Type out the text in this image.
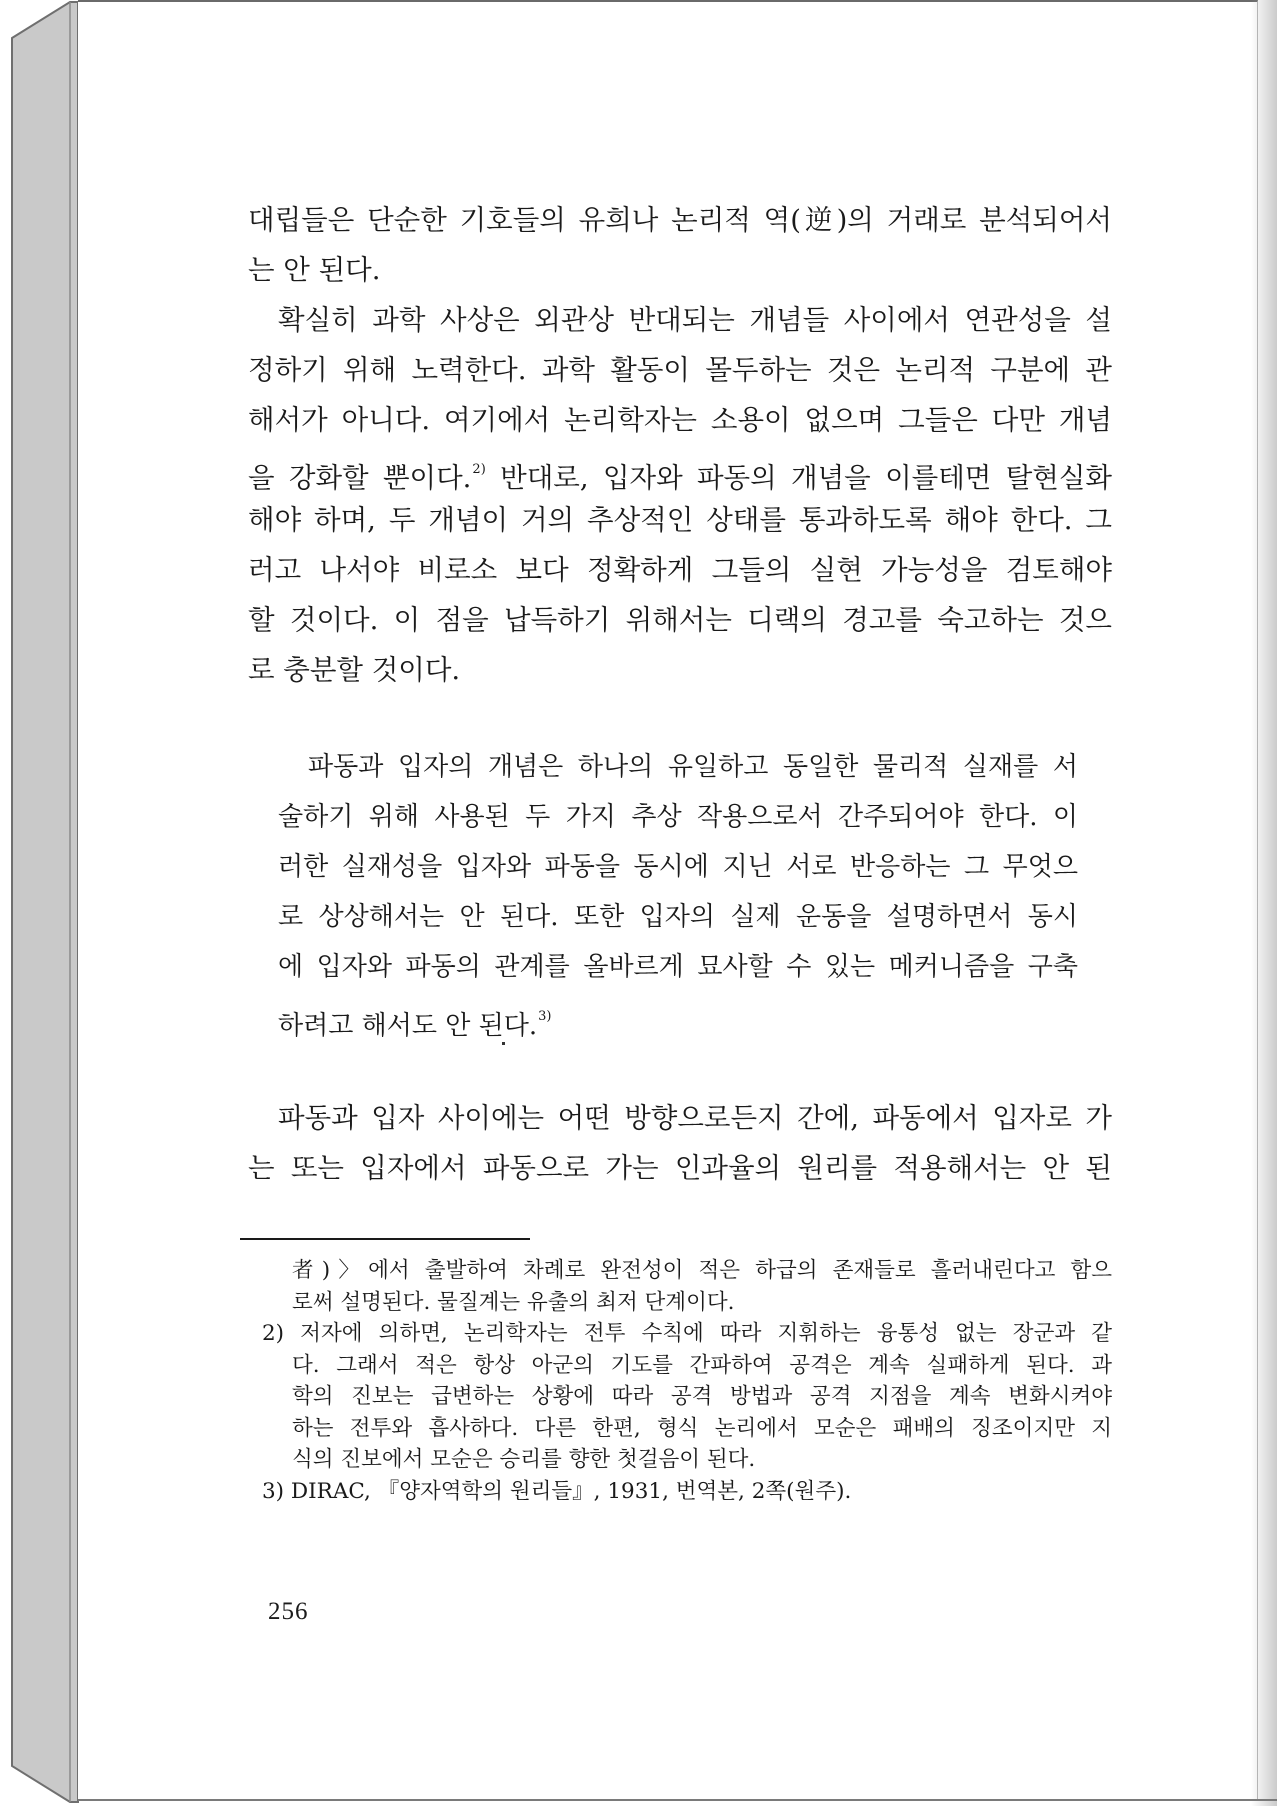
대립들은 단순한 기호들의 유희나 논리적 역(逆)의 거래로 분석되어서
는 안 된다.
확실히 과학 사상은 외관상 반대되는 개념들 사이에서 연관성을 설
정하기 위해 노력한다. 과학 활동이 몰두하는 것은 논리적 구분에 관
해서가 아니다. 여기에서 논리학자는 소용이 없으며 그들은 다만 개념
을 강화할 뿐이다.$^{2)}$ 반대로, 입자와 파동의 개념을 이를테면 탈현실화
해야 하며, 두 개념이 거의 추상적인 상태를 통과하도록 해야 한다. 그
러고 나서야 비로소 보다 정확하게 그들의 실현 가능성을 검토해야
할 것이다. 이 점을 납득하기 위해서는 디랙의 경고를 숙고하는 것으
로 충분할 것이다.
파동과 입자의 개념은 하나의 유일하고 동일한 물리적 실재를 서
술하기 위해 사용된 두 가지 추상 작용으로서 간주되어야 한다. 이
러한 실재성을 입자와 파동을 동시에 지닌 서로 반응하는 그 무엇으
로 상상해서는 안 된다. 또한 입자의 실제 운동을 설명하면서 동시
에 입자와 파동의 관계를 올바르게 묘사할 수 있는 메커니즘을 구축
하려고 해서도 안 된다.$^{3)}$
파동과 입자 사이에는 어떤 방향으로든지 간에, 파동에서 입자로 가
는 또는 입자에서 파동으로 가는 인과율의 원리를 적용해서는 안 된
者)〉에서 출발하여 차례로 완전성이 적은 하급의 존재들로 흘러내린다고 함으
로써 설명된다. 물질계는 유출의 최저 단계이다.
2) 저자에 의하면, 논리학자는 전투 수칙에 따라 지휘하는 융통성 없는 장군과 같
다. 그래서 적은 항상 아군의 기도를 간파하여 공격은 계속 실패하게 된다. 과
학의 진보는 급변하는 상황에 따라 공격 방법과 공격 지점을 계속 변화시켜야
하는 전투와 흡사하다. 다른 한편, 형식 논리에서 모순은 패배의 징조이지만 지
식의 진보에서 모순은 승리를 향한 첫걸음이 된다.
3) DIRAC, 『양자역학의 원리들』, 1931, 번역본, 2쪽(원주).
256
